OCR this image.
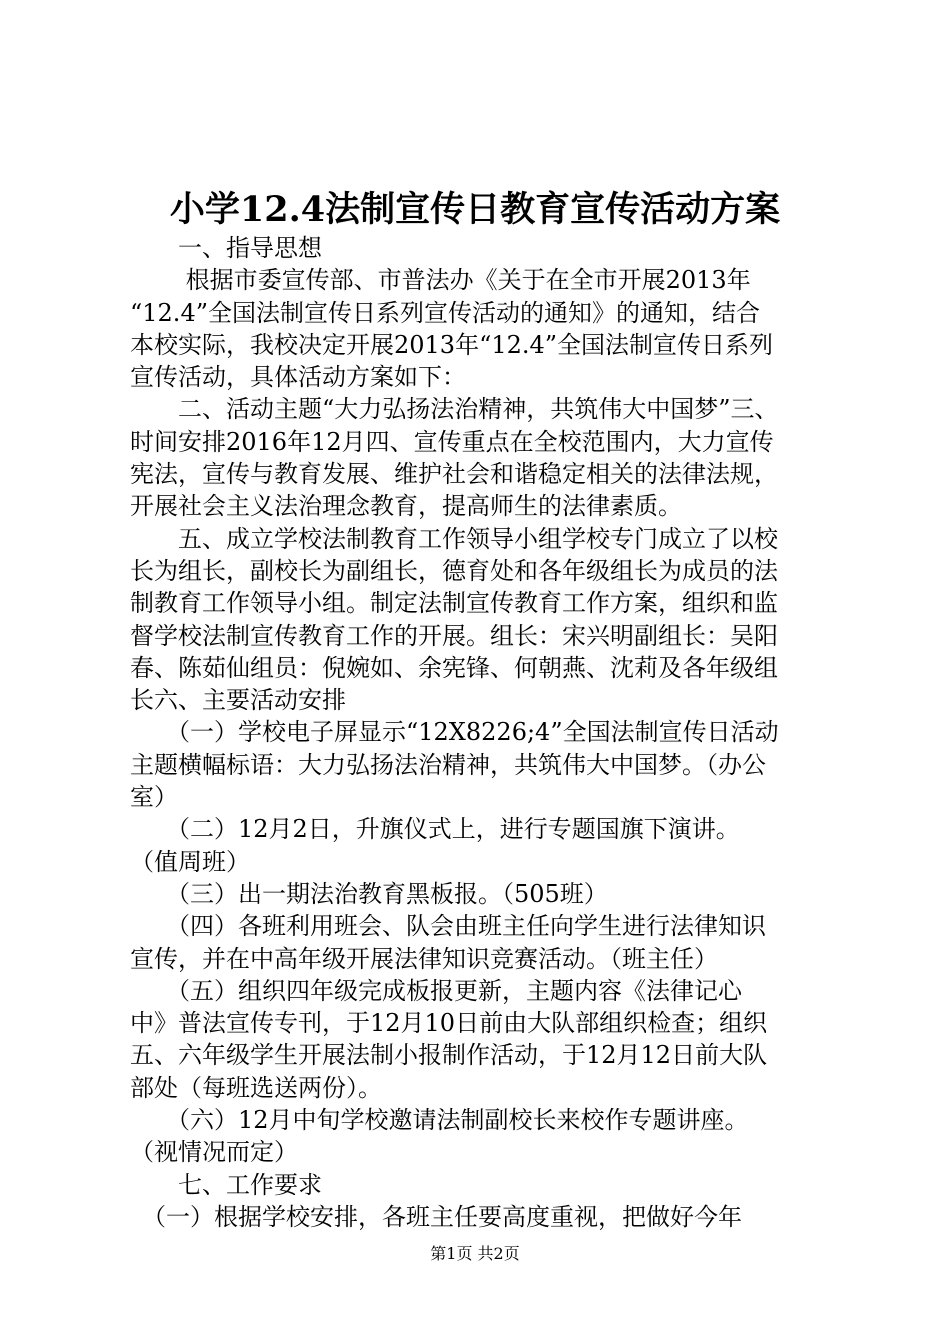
小学12.4法制宣传日教育宣传活动方案
　　一、指导思想
　　 根据市委宣传部、市普法办《关于在全市开展2013年
“12.4”全国法制宣传日系列宣传活动的通知》的通知，结合
本校实际，我校决定开展2013年“12.4”全国法制宣传日系列
宣传活动，具体活动方案如下：
　　二、活动主题“大力弘扬法治精神，共筑伟大中国梦”三、
时间安排2016年12月四、宣传重点在全校范围内，大力宣传
宪法，宣传与教育发展、维护社会和谐稳定相关的法律法规，
开展社会主义法治理念教育，提高师生的法律素质。
　　五、成立学校法制教育工作领导小组学校专门成立了以校
长为组长，副校长为副组长，德育处和各年级组长为成员的法
制教育工作领导小组。制定法制宣传教育工作方案，组织和监
督学校法制宣传教育工作的开展。组长：宋兴明副组长：吴阳
春、陈茹仙组员：倪婉如、余宪锋、何朝燕、沈莉及各年级组
长六、主要活动安排
　　（一）学校电子屏显示“12X8226;4”全国法制宣传日活动
主题横幅标语：大力弘扬法治精神，共筑伟大中国梦。（办公
室）
　　（二）12月2日，升旗仪式上，进行专题国旗下演讲。
（值周班）
　　（三）出一期法治教育黑板报。（505班）
　　（四）各班利用班会、队会由班主任向学生进行法律知识
宣传，并在中高年级开展法律知识竞赛活动。（班主任）
　　（五）组织四年级完成板报更新，主题内容《法律记心
中》普法宣传专刊，于12月10日前由大队部组织检查；组织
五、六年级学生开展法制小报制作活动，于12月12日前大队
部处（每班选送两份）。
　　（六）12月中旬学校邀请法制副校长来校作专题讲座。
（视情况而定）
　　七、工作要求
　（一）根据学校安排，各班主任要高度重视，把做好今年
第1页 共2页
